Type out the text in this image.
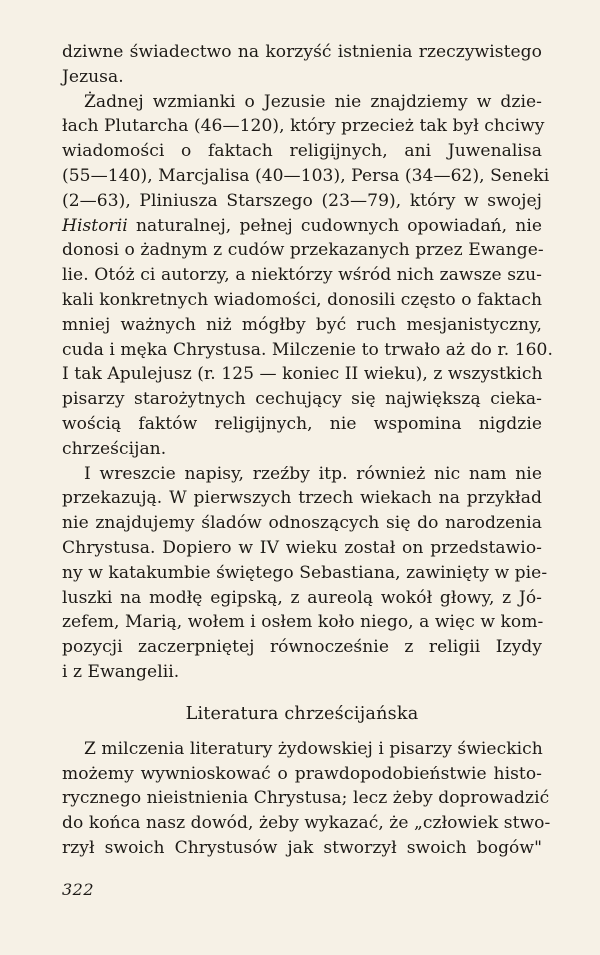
dziwne świadectwo na korzyść istnienia rzeczywistego
Jezusa.
Żadnej wzmianki o Jezusie nie znajdziemy w dzie-
łach Plutarcha (46—120), który przecież tak był chciwy
wiadomości o faktach religijnych, ani Juwenalisa
(55—140), Marcjalisa (40—103), Persa (34—62), Seneki
(2—63), Pliniusza Starszego (23—79), który w swojej
Historii naturalnej, pełnej cudownych opowiadań, nie
donosi o żadnym z cudów przekazanych przez Ewange-
lie. Otóż ci autorzy, a niektórzy wśród nich zawsze szu-
kali konkretnych wiadomości, donosili często o faktach
mniej ważnych niż mógłby być ruch mesjanistyczny,
cuda i męka Chrystusa. Milczenie to trwało aż do r. 160.
I tak Apulejusz (r. 125 — koniec II wieku), z wszystkich
pisarzy starożytnych cechujący się największą cieka-
wością faktów religijnych, nie wspomina nigdzie
chrześcijan.
I wreszcie napisy, rzeźby itp. również nic nam nie
przekazują. W pierwszych trzech wiekach na przykład
nie znajdujemy śladów odnoszących się do narodzenia
Chrystusa. Dopiero w IV wieku został on przedstawio-
ny w katakumbie świętego Sebastiana, zawinięty w pie-
luszki na modłę egipską, z aureolą wokół głowy, z Jó-
zefem, Marią, wołem i osłem koło niego, a więc w kom-
pozycji zaczerpniętej równocześnie z religii Izydy
i z Ewangelii.
Literatura chrześcijańska
Z milczenia literatury żydowskiej i pisarzy świeckich
możemy wywnioskować o prawdopodobieństwie histo-
rycznego nieistnienia Chrystusa; lecz żeby doprowadzić
do końca nasz dowód, żeby wykazać, że „człowiek stwo-
rzył swoich Chrystusów jak stworzył swoich bogów"
322
